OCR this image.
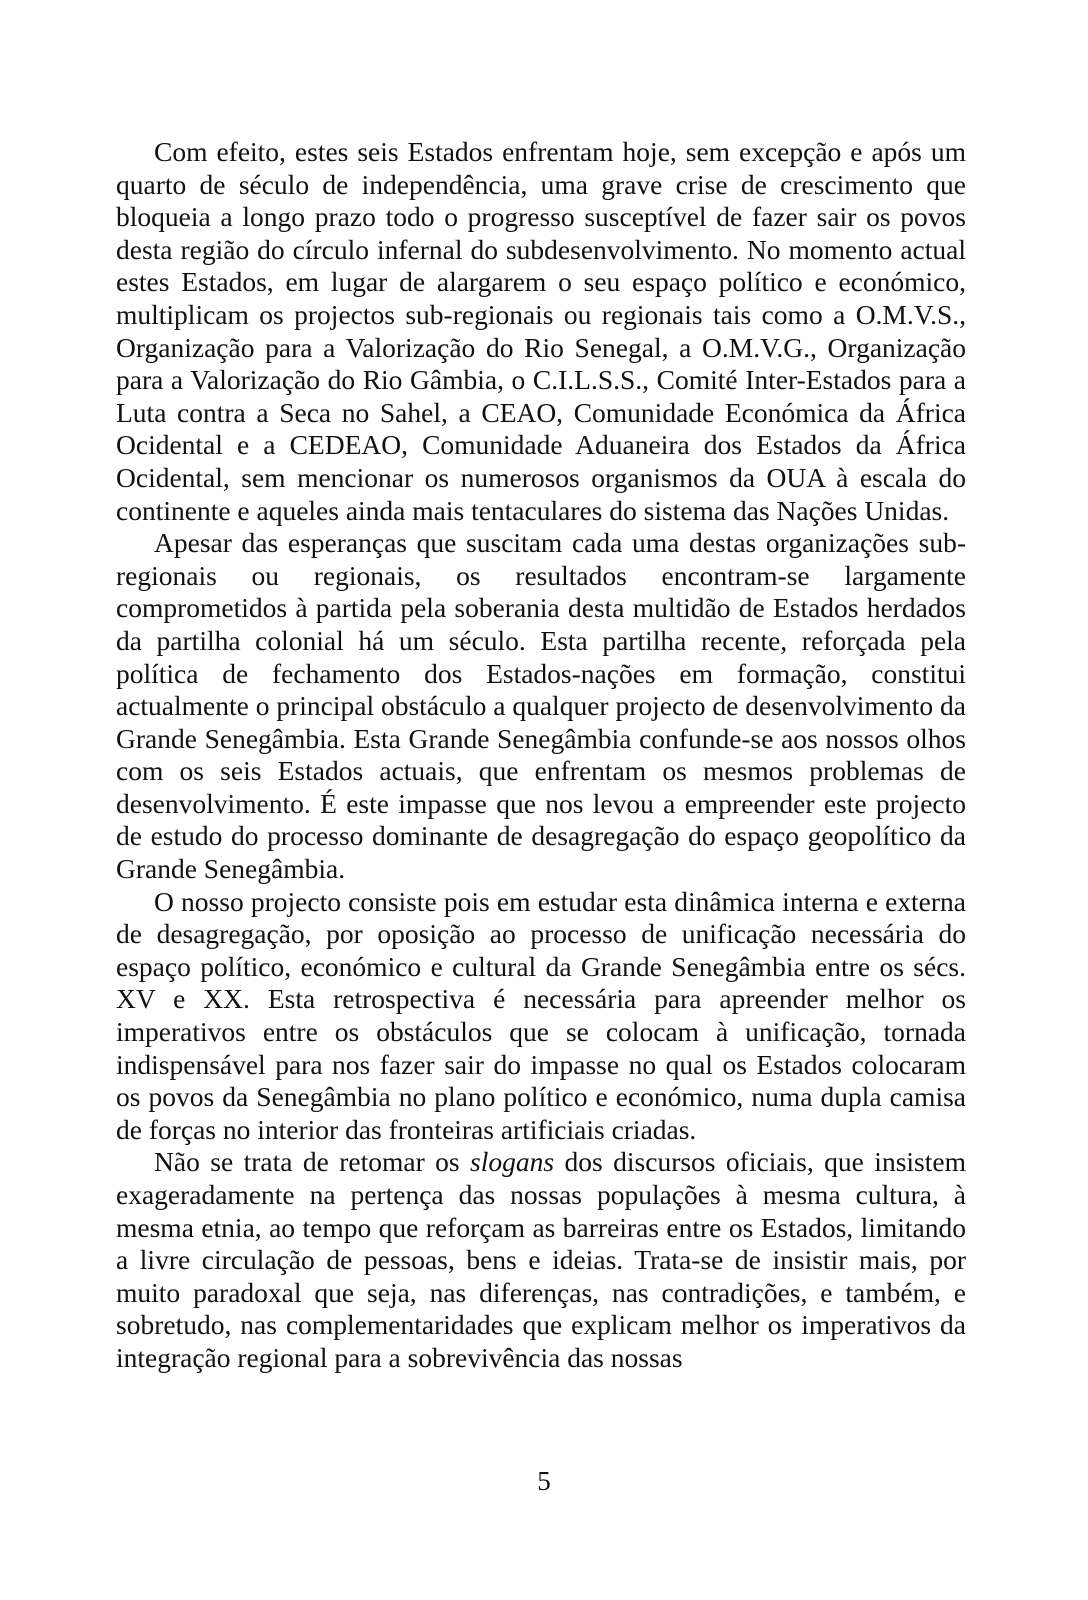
Com efeito, estes seis Estados enfrentam hoje, sem excepção e após um quarto de século de independência, uma grave crise de crescimento que bloqueia a longo prazo todo o progresso susceptível de fazer sair os povos desta região do círculo infernal do subdesenvolvimento. No momento actual estes Estados, em lugar de alargarem o seu espaço político e económico, multiplicam os projectos sub-regionais ou regionais tais como a O.M.V.S., Organização para a Valorização do Rio Senegal, a O.M.V.G., Organização para a Valorização do Rio Gâmbia, o C.I.L.S.S., Comité Inter-Estados para a Luta contra a Seca no Sahel, a CEAO, Comunidade Económica da África Ocidental e a CEDEAO, Comunidade Aduaneira dos Estados da África Ocidental, sem mencionar os numerosos organismos da OUA à escala do continente e aqueles ainda mais tentaculares do sistema das Nações Unidas.

Apesar das esperanças que suscitam cada uma destas organizações sub-regionais ou regionais, os resultados encontram-se largamente comprometidos à partida pela soberania desta multidão de Estados herdados da partilha colonial há um século. Esta partilha recente, reforçada pela política de fechamento dos Estados-nações em formação, constitui actualmente o principal obstáculo a qualquer projecto de desenvolvimento da Grande Senegâmbia. Esta Grande Senegâmbia confunde-se aos nossos olhos com os seis Estados actuais, que enfrentam os mesmos problemas de desenvolvimento. É este impasse que nos levou a empreender este projecto de estudo do processo dominante de desagregação do espaço geopolítico da Grande Senegâmbia.

O nosso projecto consiste pois em estudar esta dinâmica interna e externa de desagregação, por oposição ao processo de unificação necessária do espaço político, económico e cultural da Grande Senegâmbia entre os sécs. XV e XX. Esta retrospectiva é necessária para apreender melhor os imperativos entre os obstáculos que se colocam à unificação, tornada indispensável para nos fazer sair do impasse no qual os Estados colocaram os povos da Senegâmbia no plano político e económico, numa dupla camisa de forças no interior das fronteiras artificiais criadas.

Não se trata de retomar os slogans dos discursos oficiais, que insistem exageradamente na pertença das nossas populações à mesma cultura, à mesma etnia, ao tempo que reforçam as barreiras entre os Estados, limitando a livre circulação de pessoas, bens e ideias. Trata-se de insistir mais, por muito paradoxal que seja, nas diferenças, nas contradições, e também, e sobretudo, nas complementaridades que explicam melhor os imperativos da integração regional para a sobrevivência das nossas

5
